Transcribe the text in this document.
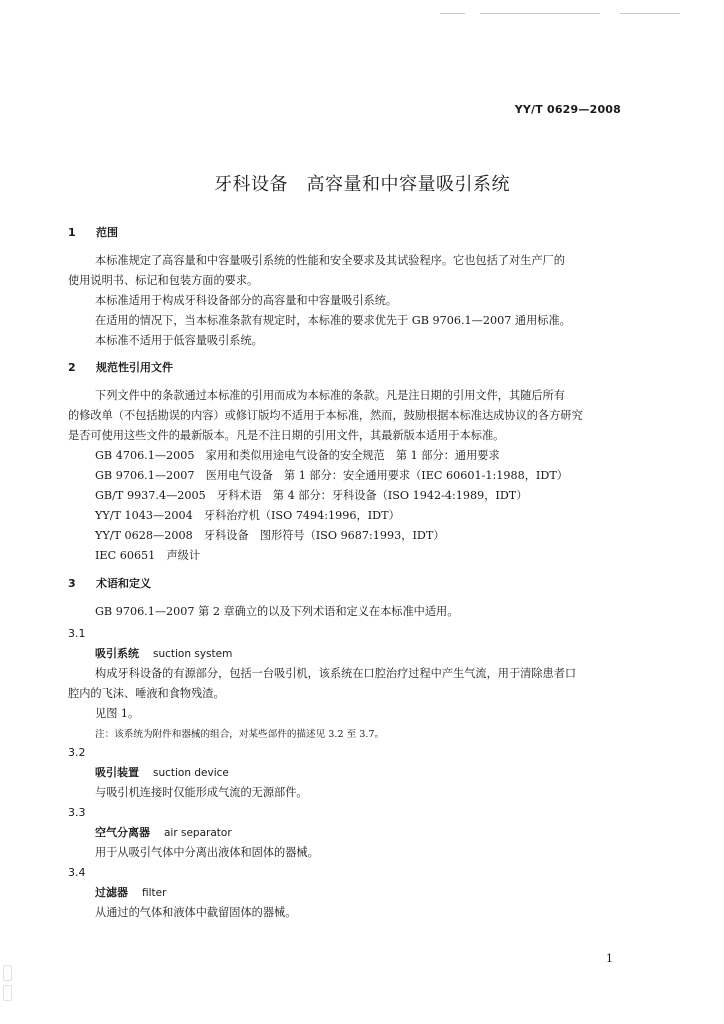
YY/T 0629—2008
牙科设备　高容量和中容量吸引系统
1 范围
本标准规定了高容量和中容量吸引系统的性能和安全要求及其试验程序。它也包括了对生产厂的
使用说明书、标记和包装方面的要求。
本标准适用于构成牙科设备部分的高容量和中容量吸引系统。
在适用的情况下，当本标准条款有规定时，本标准的要求优先于 GB 9706.1—2007 通用标准。
本标准不适用于低容量吸引系统。
2 规范性引用文件
下列文件中的条款通过本标准的引用而成为本标准的条款。凡是注日期的引用文件，其随后所有
的修改单（不包括勘误的内容）或修订版均不适用于本标准，然而，鼓励根据本标准达成协议的各方研究
是否可使用这些文件的最新版本。凡是不注日期的引用文件，其最新版本适用于本标准。
GB 4706.1—2005　家用和类似用途电气设备的安全规范　第 1 部分：通用要求
GB 9706.1—2007　医用电气设备　第 1 部分：安全通用要求（IEC 60601-1:1988，IDT）
GB/T 9937.4—2005　牙科术语　第 4 部分：牙科设备（ISO 1942-4:1989，IDT）
YY/T 1043—2004　牙科治疗机（ISO 7494:1996，IDT）
YY/T 0628—2008　牙科设备　图形符号（ISO 9687:1993，IDT）
IEC 60651　声级计
3 术语和定义
GB 9706.1—2007 第 2 章确立的以及下列术语和定义在本标准中适用。
3.1
吸引系统 suction system
构成牙科设备的有源部分，包括一台吸引机，该系统在口腔治疗过程中产生气流，用于清除患者口
腔内的飞沫、唾液和食物残渣。
见图 1。
注：该系统为附件和器械的组合，对某些部件的描述见 3.2 至 3.7。
3.2
吸引装置 suction device
与吸引机连接时仅能形成气流的无源部件。
3.3
空气分离器 air separator
用于从吸引气体中分离出液体和固体的器械。
3.4
过滤器 filter
从通过的气体和液体中截留固体的器械。
1
